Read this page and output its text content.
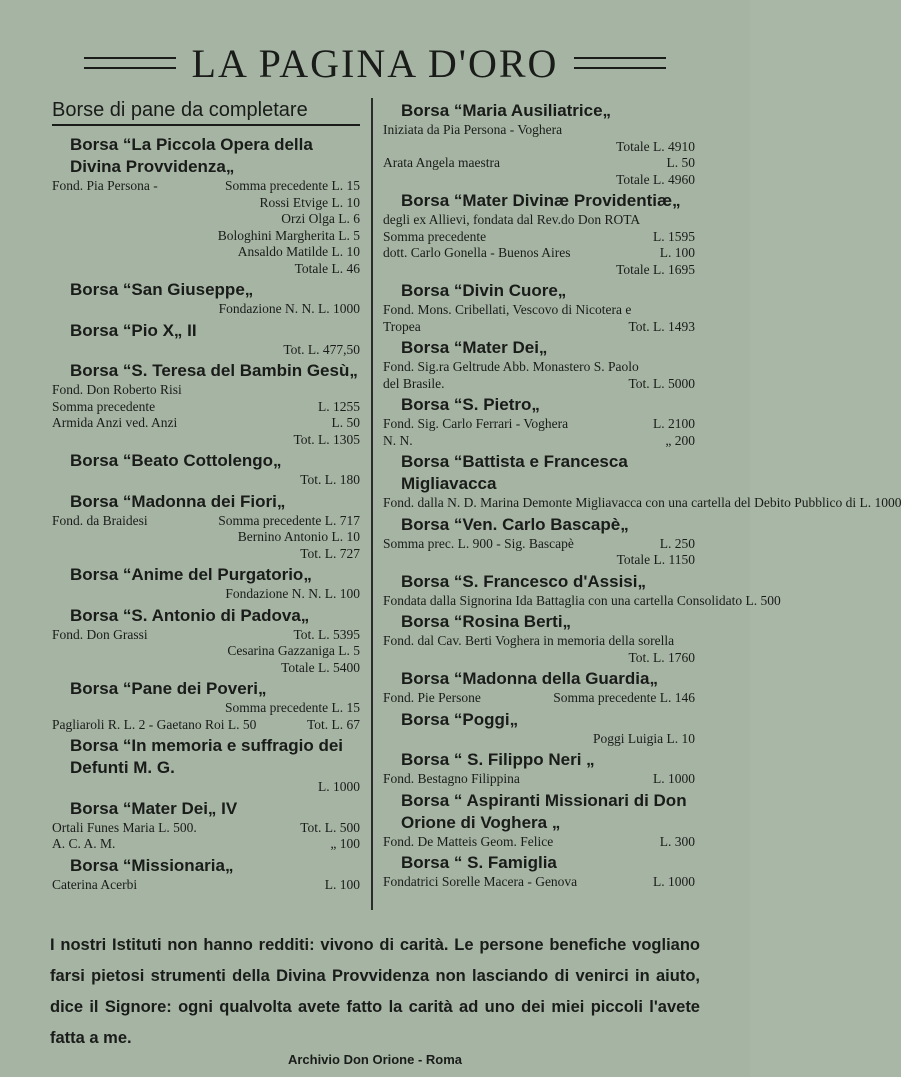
LA PAGINA D'ORO
Borse di pane da completare
Borsa “La Piccola Opera della Divina Provvidenza„
Fond. Pia Persona -	Somma precedente L. 15
Rossi Etvige L. 10
Orzi Olga L. 6
Bologhini Margherita L. 5
Ansaldo Matilde L. 10
Totale L. 46
Borsa “San Giuseppe„
Fondazione N. N. L. 1000
Borsa “Pio X„ II
Tot. L. 477,50
Borsa “S. Teresa del Bambin Gesù„
Fond. Don Roberto Risi
Somma precedente	L. 1255
Armida Anzi ved. Anzi	L. 50
Tot. L. 1305
Borsa “Beato Cottolengo„
Tot. L. 180
Borsa “Madonna dei Fiori„
Fond. da Braidesi	Somma precedente L. 717
Bernino Antonio L. 10
Tot. L. 727
Borsa “Anime del Purgatorio„
Fondazione N. N. L. 100
Borsa “S. Antonio di Padova„
Fond. Don Grassi	Tot. L. 5395
Cesarina Gazzaniga L. 5
Totale L. 5400
Borsa “Pane dei Poveri„
Somma precedente L. 15
Pagliaroli R. L. 2 - Gaetano Roi L. 50	Tot. L. 67
Borsa “In memoria e suffragio dei Defunti M. G.
L. 1000
Borsa “Mater Dei„ IV
Ortali Funes Maria L. 500.	Tot. L. 500
A. C. A. M.	„ 100
Borsa “Missionaria„
Caterina Acerbi	L. 100
Borsa “Maria Ausiliatrice„
Iniziata da Pia Persona - Voghera
Totale L. 4910
Arata Angela maestra	L. 50
Totale L. 4960
Borsa “Mater Divinæ Providentiæ„
degli ex Allievi, fondata dal Rev.do Don ROTA
Somma precedente	L. 1595
dott. Carlo Gonella - Buenos Aires	L. 100
Totale L. 1695
Borsa “Divin Cuore„
Fond. Mons. Cribellati, Vescovo di Nicotera e
Tropea	Tot. L. 1493
Borsa “Mater Dei„
Fond. Sig.ra Geltrude Abb. Monastero S. Paolo
del Brasile.	Tot. L. 5000
Borsa “S. Pietro„
Fond. Sig. Carlo Ferrari - Voghera	L. 2100
N. N.	„ 200
Borsa “Battista e Francesca Migliavacca
Fond. dalla N. D. Marina Demonte Migliavacca con una cartella del Debito Pubblico di L. 1000
Borsa “Ven. Carlo Bascapè„
Somma prec. L. 900 - Sig. Bascapè	L. 250
Totale L. 1150
Borsa “S. Francesco d'Assisi„
Fondata dalla Signorina Ida Battaglia con una cartella Consolidato L. 500
Borsa “Rosina Berti„
Fond. dal Cav. Berti Voghera in memoria della sorella
Tot. L. 1760
Borsa “Madonna della Guardia„
Fond. Pie Persone	Somma precedente L. 146
Borsa “Poggi„
Poggi Luigia L. 10
Borsa “ S. Filippo Neri „
Fond. Bestagno Filippina	L. 1000
Borsa “ Aspiranti Missionari di Don Orione di Voghera „
Fond. De Matteis Geom. Felice	L. 300
Borsa “ S. Famiglia
Fondatrici Sorelle Macera - Genova	L. 1000
I nostri Istituti non hanno redditi: vivono di carità. Le persone benefiche vogliano farsi pietosi strumenti della Divina Provvidenza non lasciando di venirci in aiuto, dice il Signore: ogni qualvolta avete fatto la carità ad uno dei miei piccoli l'avete fatta a me.
Archivio Don Orione - Roma
